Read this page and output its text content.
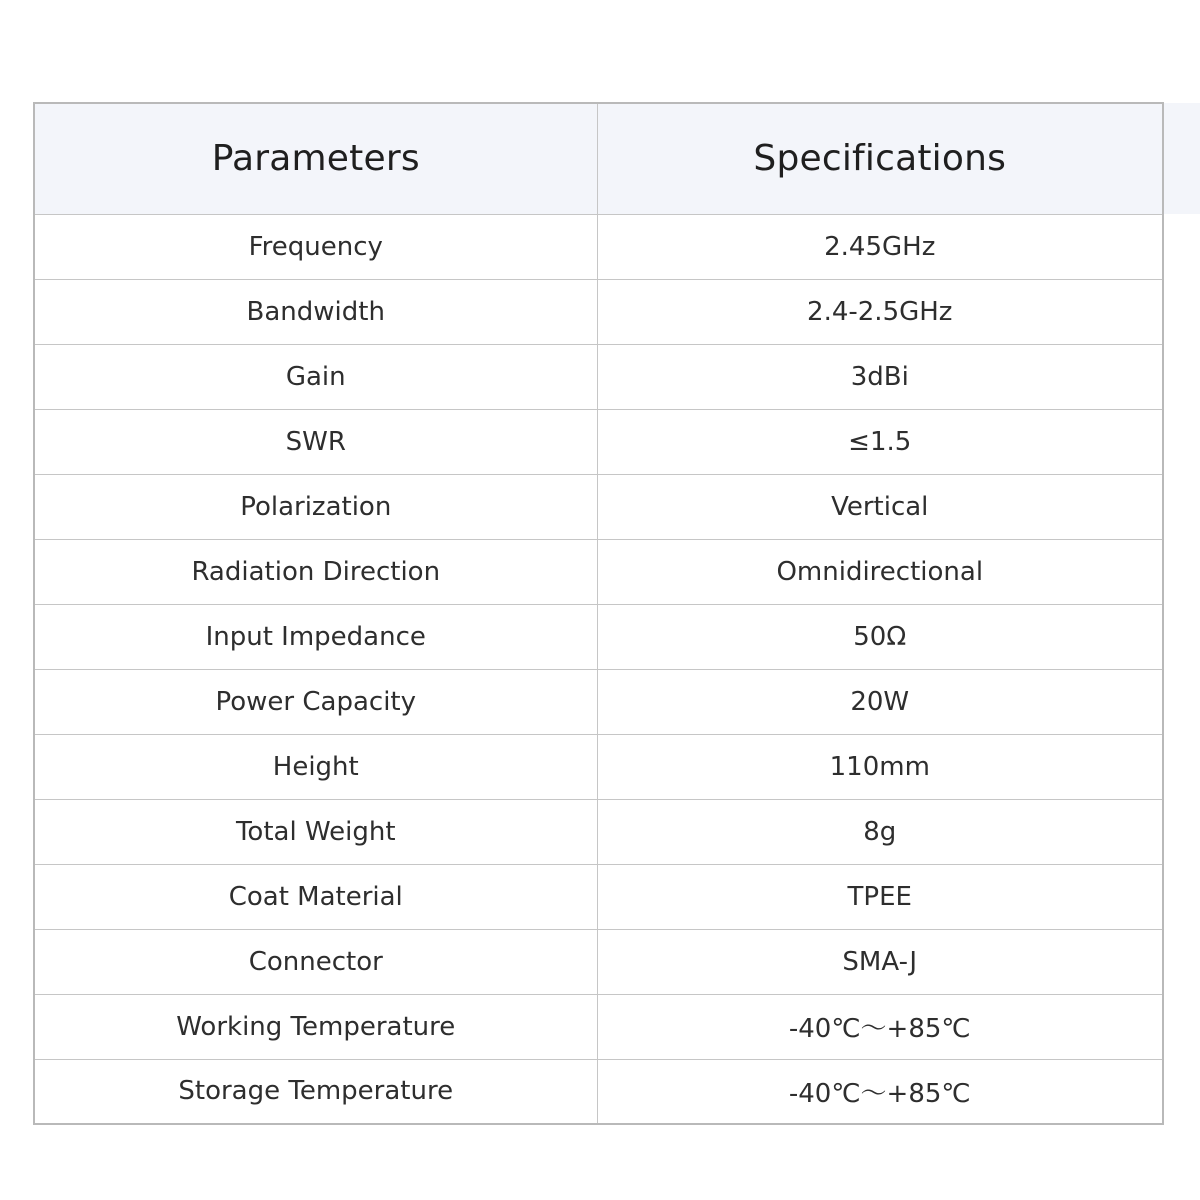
Parameters	Specifications
Frequency	2.45GHz
Bandwidth	2.4-2.5GHz
Gain	3dBi
SWR	≤1.5
Polarization	Vertical
Radiation Direction	Omnidirectional
Input Impedance	50Ω
Power Capacity	20W
Height	110mm
Total Weight	8g
Coat Material	TPEE
Connector	SMA-J
Working Temperature	-40℃～+85℃
Storage Temperature	-40℃～+85℃
